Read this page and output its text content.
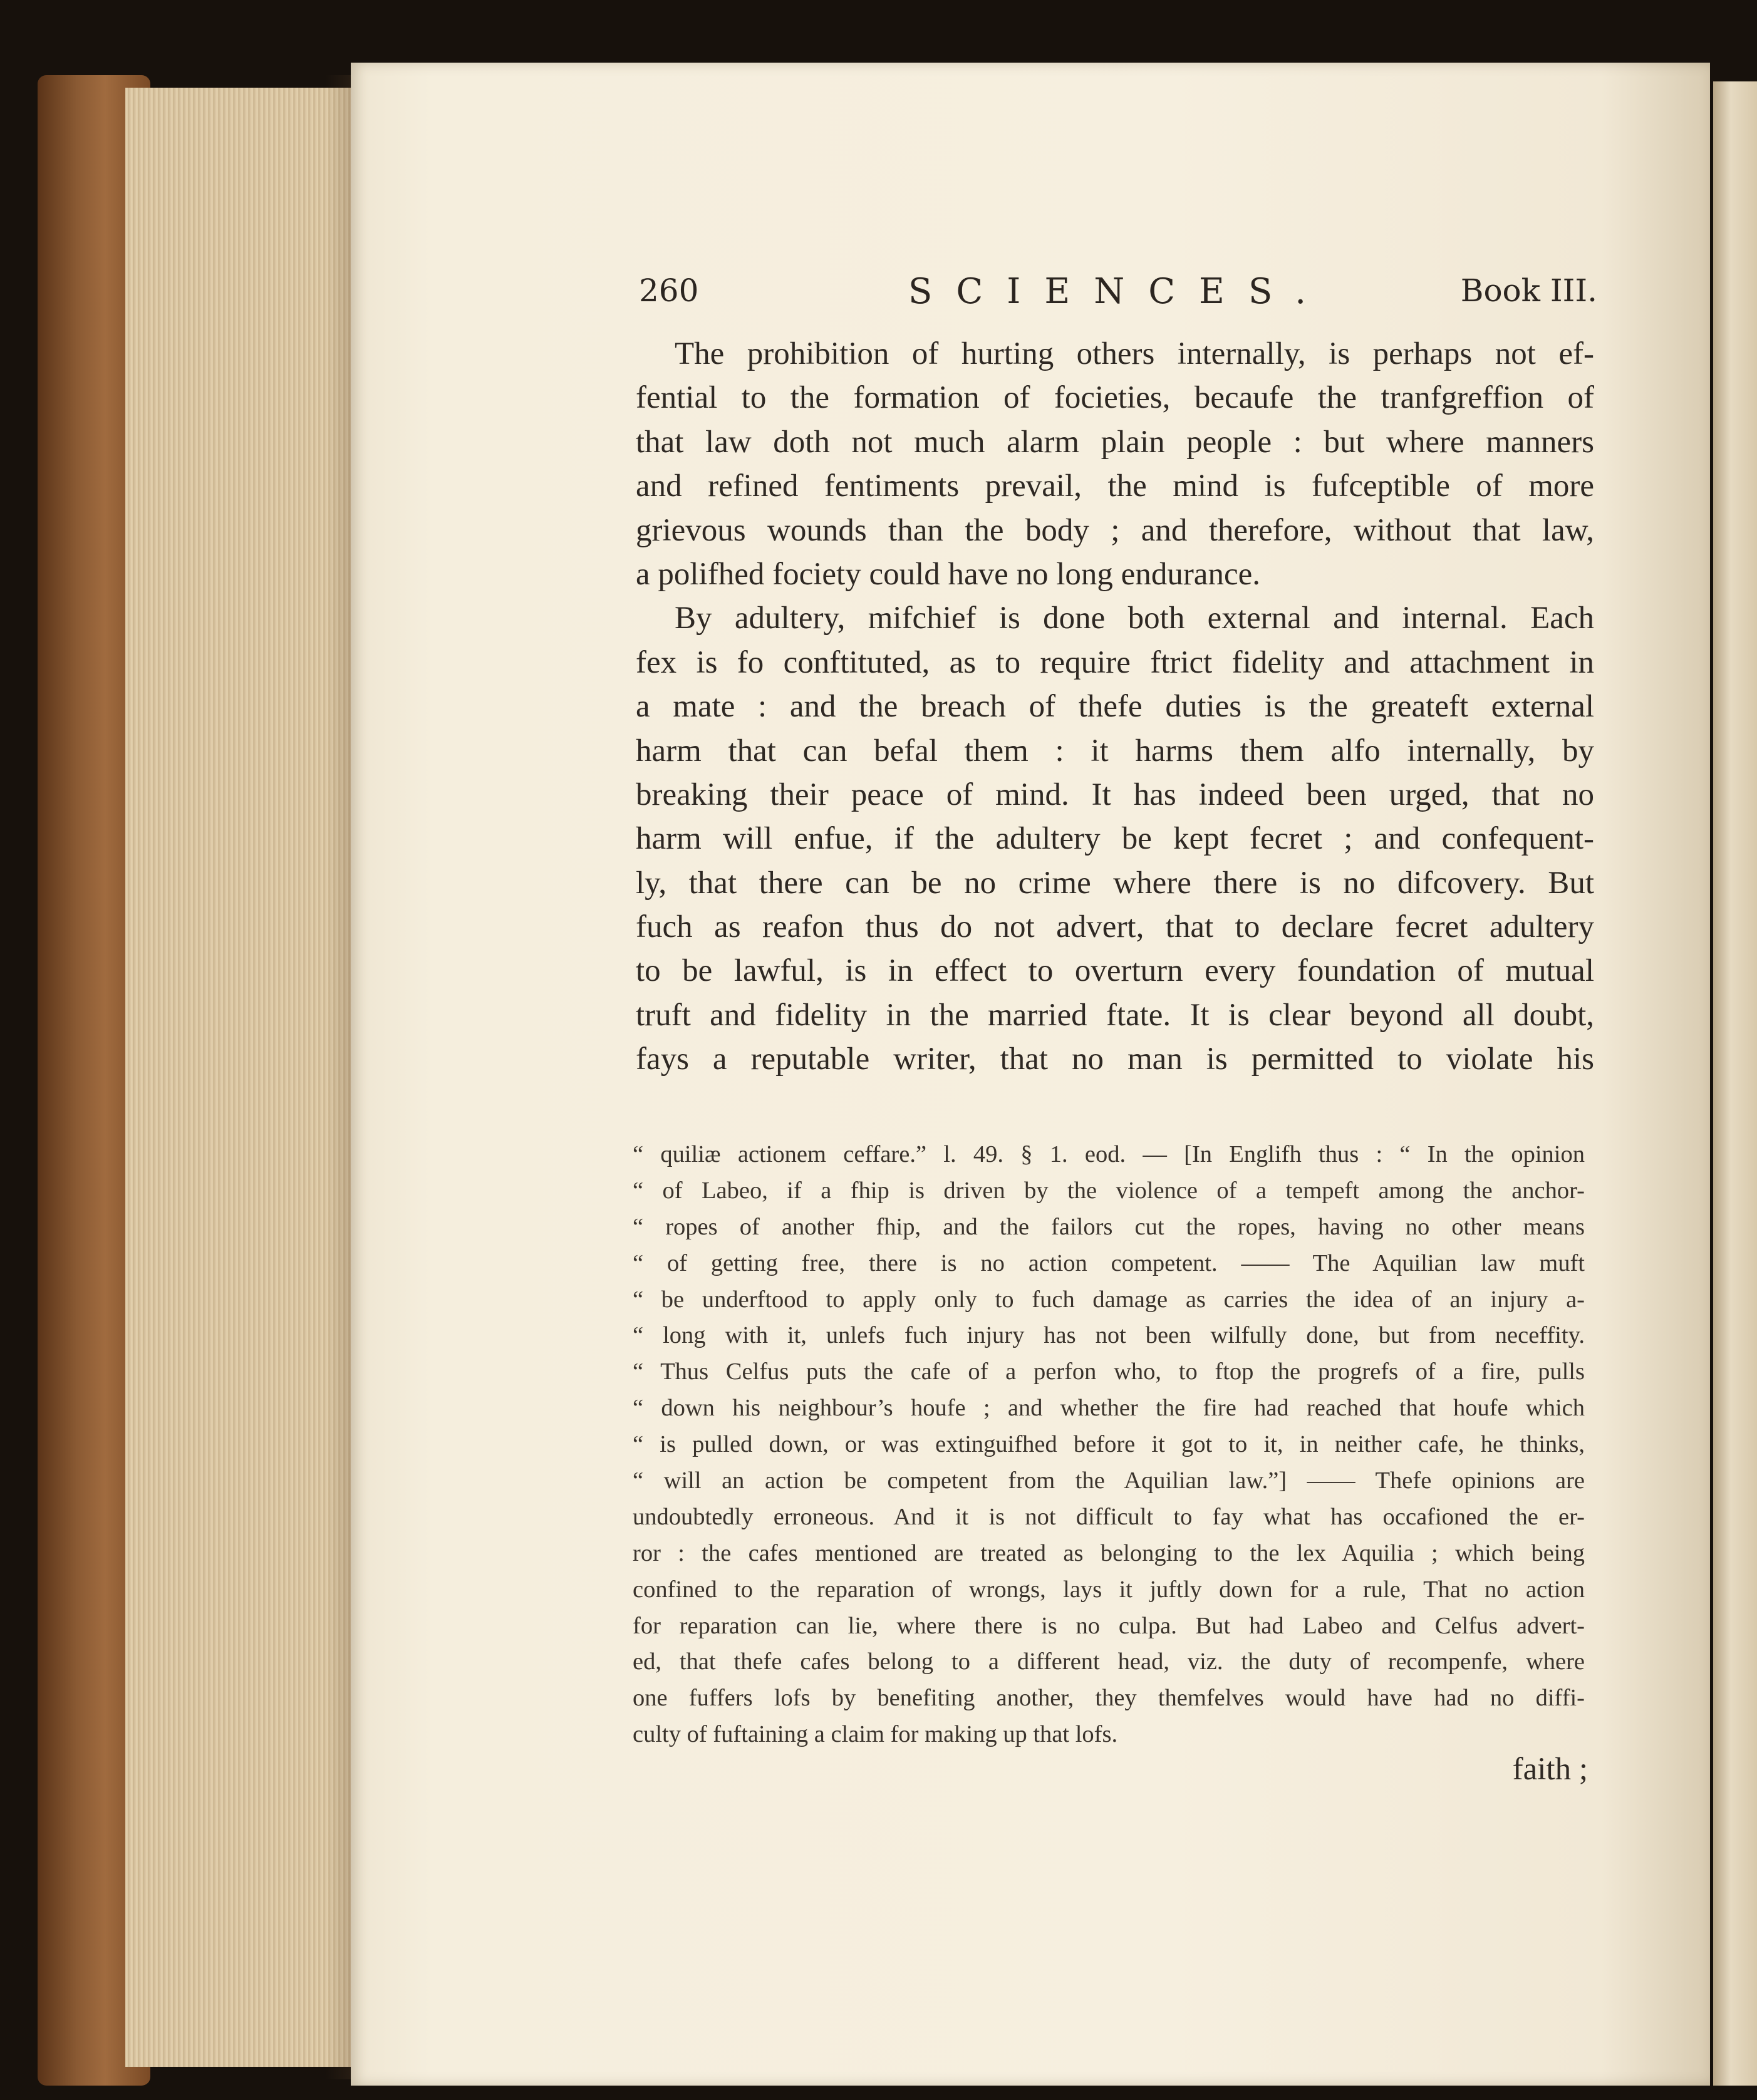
260	SCIENCES.	Book III.
The prohibition of hurting others internally, is perhaps not ef-
fential to the formation of focieties, becaufe the tranfgreffion of
that law doth not much alarm plain people : but where manners
and refined fentiments prevail, the mind is fufceptible of more
grievous wounds than the body ; and therefore, without that law,
a polifhed fociety could have no long endurance.
By adultery, mifchief is done both external and internal. Each
fex is fo conftituted, as to require ftrict fidelity and attachment in
a mate : and the breach of thefe duties is the greateft external
harm that can befal them : it harms them alfo internally, by
breaking their peace of mind. It has indeed been urged, that no
harm will enfue, if the adultery be kept fecret ; and confequent-
ly, that there can be no crime where there is no difcovery. But
fuch as reafon thus do not advert, that to declare fecret adultery
to be lawful, is in effect to overturn every foundation of mutual
truft and fidelity in the married ftate. It is clear beyond all doubt,
fays a reputable writer, that no man is permitted to violate his
“ quiliæ actionem ceffare.” l. 49. § 1. eod. — [In Englifh thus : “ In the opinion
“ of Labeo, if a fhip is driven by the violence of a tempeft among the anchor-
“ ropes of another fhip, and the failors cut the ropes, having no other means
“ of getting free, there is no action competent. —— The Aquilian law muft
“ be underftood to apply only to fuch damage as carries the idea of an injury a-
“ long with it, unlefs fuch injury has not been wilfully done, but from neceffity.
“ Thus Celfus puts the cafe of a perfon who, to ftop the progrefs of a fire, pulls
“ down his neighbour’s houfe ; and whether the fire had reached that houfe which
“ is pulled down, or was extinguifhed before it got to it, in neither cafe, he thinks,
“ will an action be competent from the Aquilian law.”] —— Thefe opinions are
undoubtedly erroneous. And it is not difficult to fay what has occafioned the er-
ror : the cafes mentioned are treated as belonging to the lex Aquilia ; which being
confined to the reparation of wrongs, lays it juftly down for a rule, That no action
for reparation can lie, where there is no culpa. But had Labeo and Celfus advert-
ed, that thefe cafes belong to a different head, viz. the duty of recompenfe, where
one fuffers lofs by benefiting another, they themfelves would have had no diffi-
culty of fuftaining a claim for making up that lofs.
faith ;
